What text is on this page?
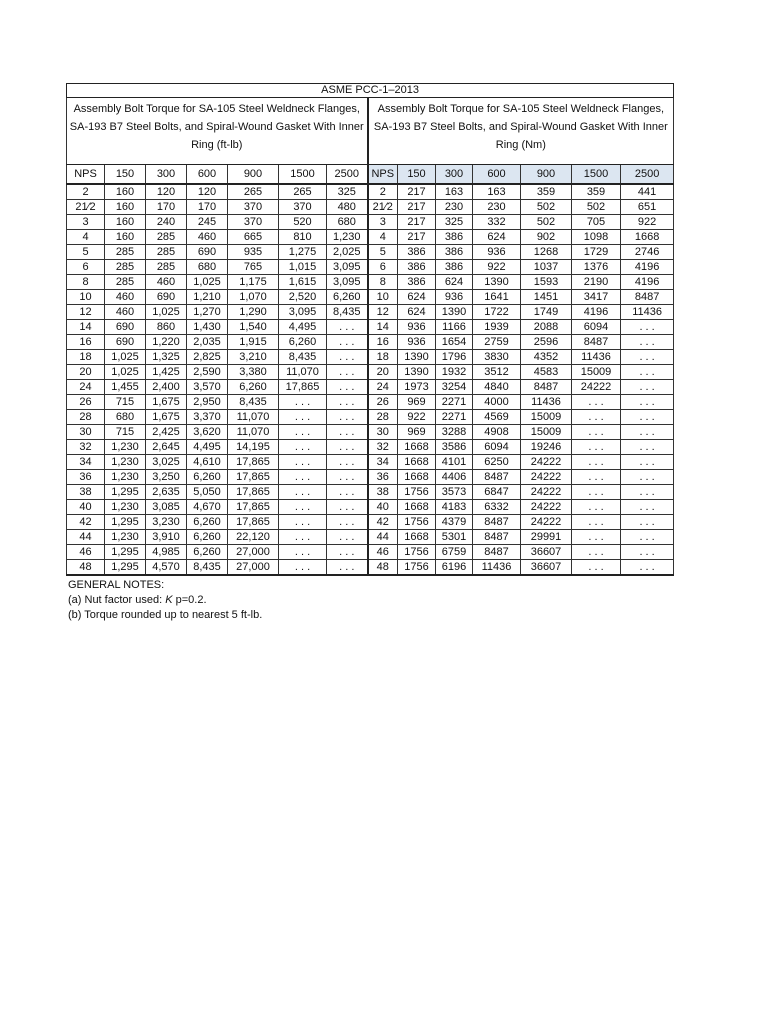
ASME PCC-1–2013													
Assembly Bolt Torque for SA-105 Steel Weldneck Flanges, SA-193 B7 Steel Bolts, and Spiral-Wound Gasket With Inner Ring (ft-lb)							Assembly Bolt Torque for SA-105 Steel Weldneck Flanges, SA-193 B7 Steel Bolts, and Spiral-Wound Gasket With Inner Ring (Nm)						
NPS	150	300	600	900	1500	2500	NPS	150	300	600	900	1500	2500
2	160	120	120	265	265	325	2	217	163	163	359	359	441
21⁄2	160	170	170	370	370	480	21⁄2	217	230	230	502	502	651
3	160	240	245	370	520	680	3	217	325	332	502	705	922
4	160	285	460	665	810	1,230	4	217	386	624	902	1098	1668
5	285	285	690	935	1,275	2,025	5	386	386	936	1268	1729	2746
6	285	285	680	765	1,015	3,095	6	386	386	922	1037	1376	4196
8	285	460	1,025	1,175	1,615	3,095	8	386	624	1390	1593	2190	4196
10	460	690	1,210	1,070	2,520	6,260	10	624	936	1641	1451	3417	8487
12	460	1,025	1,270	1,290	3,095	8,435	12	624	1390	1722	1749	4196	11436
14	690	860	1,430	1,540	4,495	. . .	14	936	1166	1939	2088	6094	. . .
16	690	1,220	2,035	1,915	6,260	. . .	16	936	1654	2759	2596	8487	. . .
18	1,025	1,325	2,825	3,210	8,435	. . .	18	1390	1796	3830	4352	11436	. . .
20	1,025	1,425	2,590	3,380	11,070	. . .	20	1390	1932	3512	4583	15009	. . .
24	1,455	2,400	3,570	6,260	17,865	. . .	24	1973	3254	4840	8487	24222	. . .
26	715	1,675	2,950	8,435	. . .	. . .	26	969	2271	4000	11436	. . .	. . .
28	680	1,675	3,370	11,070	. . .	. . .	28	922	2271	4569	15009	. . .	. . .
30	715	2,425	3,620	11,070	. . .	. . .	30	969	3288	4908	15009	. . .	. . .
32	1,230	2,645	4,495	14,195	. . .	. . .	32	1668	3586	6094	19246	. . .	. . .
34	1,230	3,025	4,610	17,865	. . .	. . .	34	1668	4101	6250	24222	. . .	. . .
36	1,230	3,250	6,260	17,865	. . .	. . .	36	1668	4406	8487	24222	. . .	. . .
38	1,295	2,635	5,050	17,865	. . .	. . .	38	1756	3573	6847	24222	. . .	. . .
40	1,230	3,085	4,670	17,865	. . .	. . .	40	1668	4183	6332	24222	. . .	. . .
42	1,295	3,230	6,260	17,865	. . .	. . .	42	1756	4379	8487	24222	. . .	. . .
44	1,230	3,910	6,260	22,120	. . .	. . .	44	1668	5301	8487	29991	. . .	. . .
46	1,295	4,985	6,260	27,000	. . .	. . .	46	1756	6759	8487	36607	. . .	. . .
48	1,295	4,570	8,435	27,000	. . .	. . .	48	1756	6196	11436	36607	. . .	. . .
GENERAL NOTES:
(a) Nut factor used: K p=0.2.
(b) Torque rounded up to nearest 5 ft-lb.
